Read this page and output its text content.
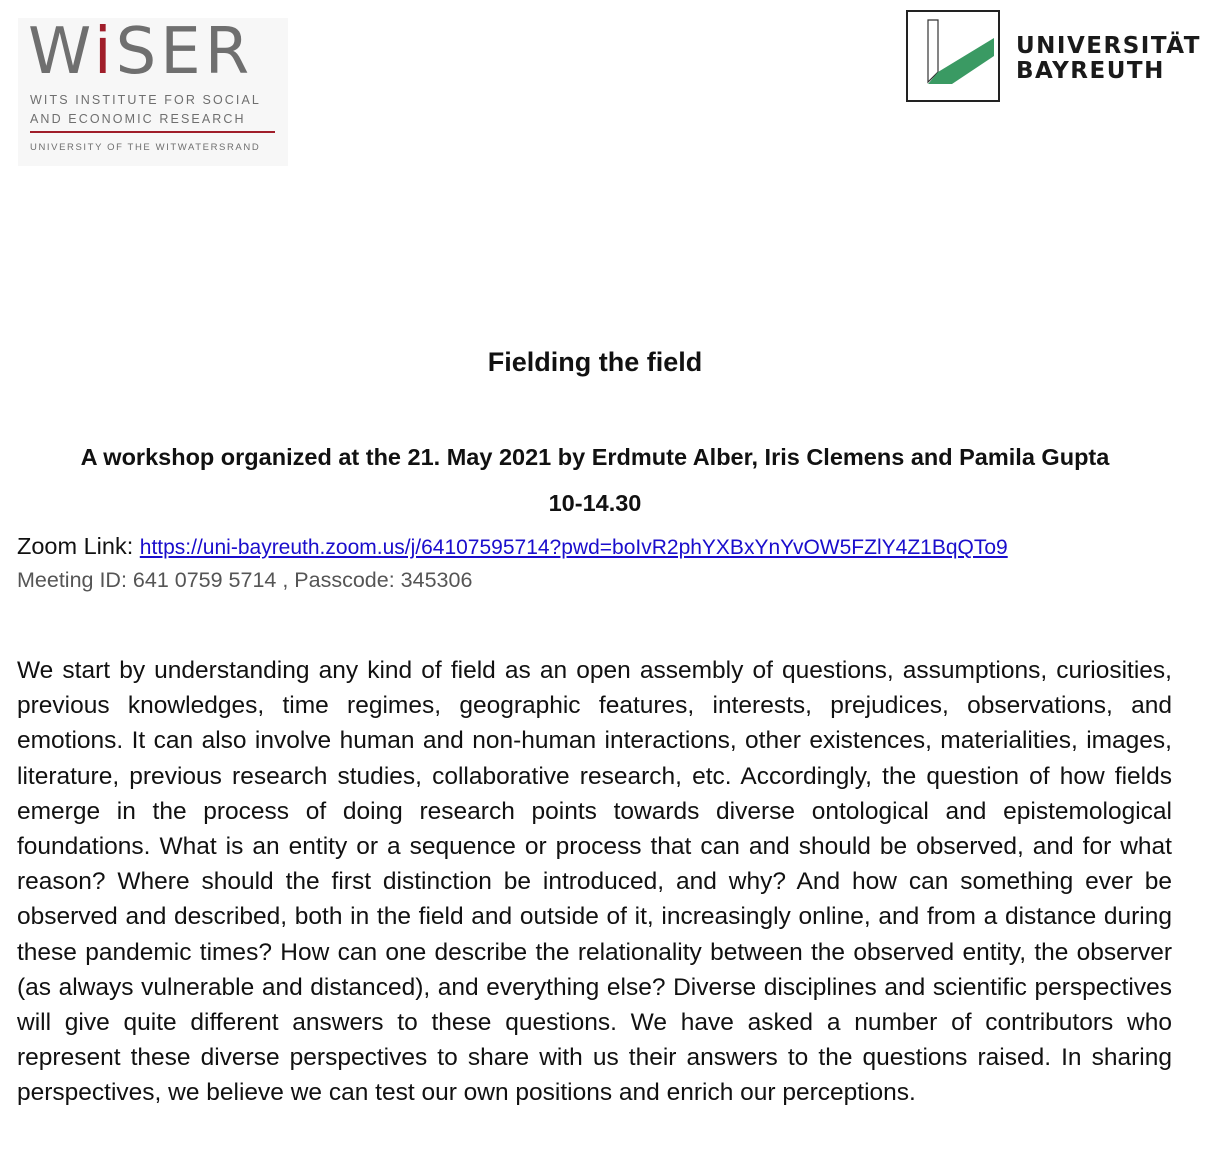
WiSER
WITS INSTITUTE FOR SOCIAL
AND ECONOMIC RESEARCH
UNIVERSITY OF THE WITWATERSRAND
UNIVERSITÄT
BAYREUTH
Fielding the field
A workshop organized at the 21. May 2021 by Erdmute Alber, Iris Clemens and Pamila Gupta
10-14.30
Zoom Link: https://uni-bayreuth.zoom.us/j/64107595714?pwd=boIvR2phYXBxYnYvOW5FZlY4Z1BqQTo9
Meeting ID: 641 0759 5714 , Passcode: 345306
We start by understanding any kind of field as an open assembly of questions, assumptions, curiosities, previous knowledges, time regimes, geographic features, interests, prejudices, observations, and emotions. It can also involve human and non-human interactions, other existences, materialities, images, literature, previous research studies, collaborative research, etc. Accordingly, the question of how fields emerge in the process of doing research points towards diverse ontological and epistemological foundations. What is an entity or a sequence or process that can and should be observed, and for what reason? Where should the first distinction be introduced, and why? And how can something ever be observed and described, both in the field and outside of it, increasingly online, and from a distance during these pandemic times? How can one describe the relationality between the observed entity, the observer (as always vulnerable and distanced), and everything else? Diverse disciplines and scientific perspectives will give quite different answers to these questions. We have asked a number of contributors who represent these diverse perspectives to share with us their answers to the questions raised. In sharing perspectives, we believe we can test our own positions and enrich our perceptions.
